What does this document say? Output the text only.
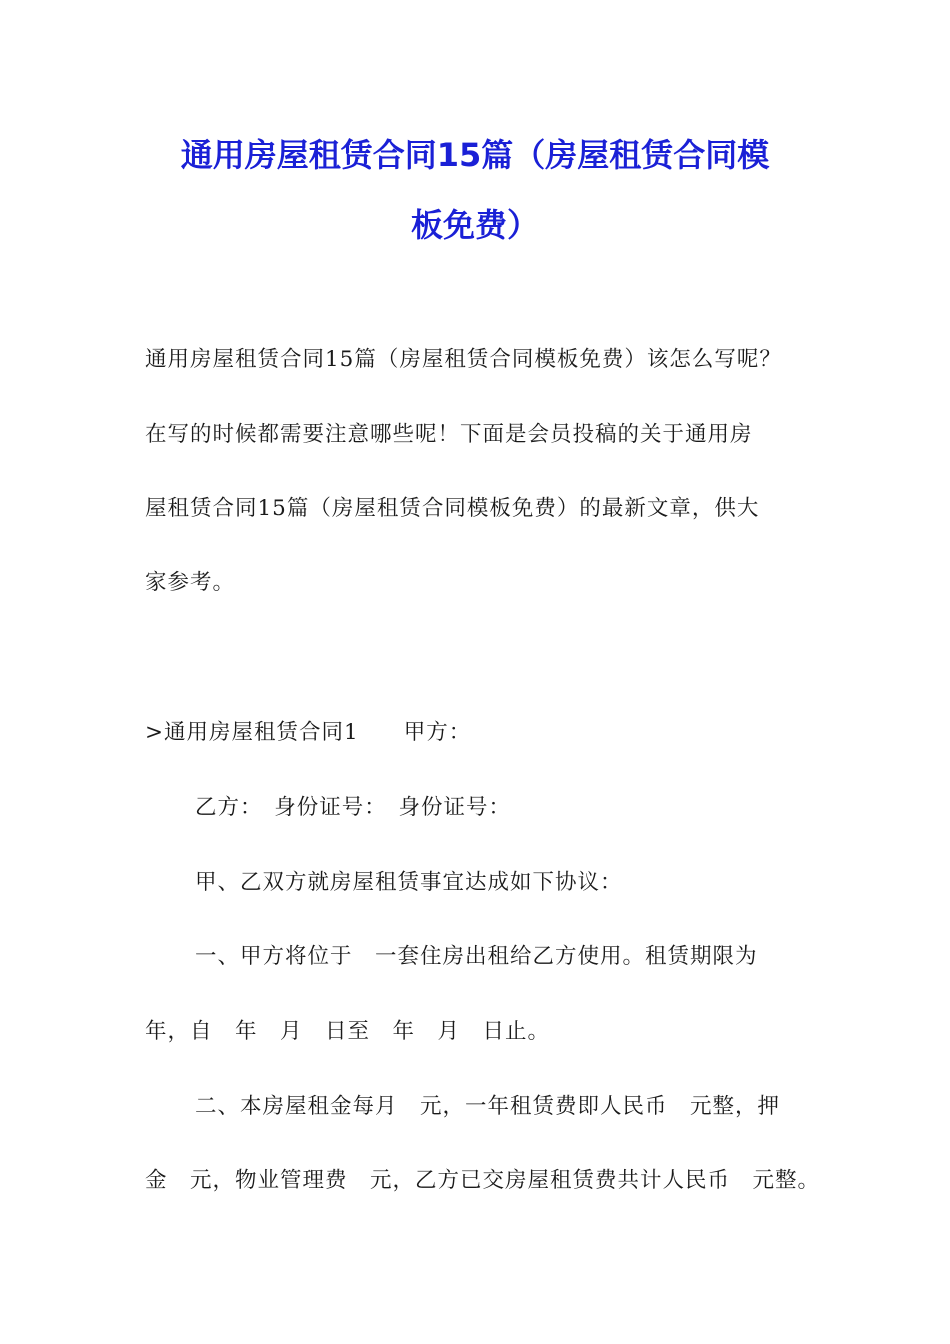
通用房屋租赁合同15篇（房屋租赁合同模
板免费）
通用房屋租赁合同15篇（房屋租赁合同模板免费）该怎么写呢？
在写的时候都需要注意哪些呢！下面是会员投稿的关于通用房
屋租赁合同15篇（房屋租赁合同模板免费）的最新文章，供大
家参考。
>通用房屋租赁合同1　　甲方：
乙方：　身份证号：　身份证号：
甲、乙双方就房屋租赁事宜达成如下协议：
一、甲方将位于　一套住房出租给乙方使用。租赁期限为
年，自　年　月　日至　年　月　日止。
二、本房屋租金每月　元，一年租赁费即人民币　元整，押
金　元，物业管理费　元，乙方已交房屋租赁费共计人民币　元整。
